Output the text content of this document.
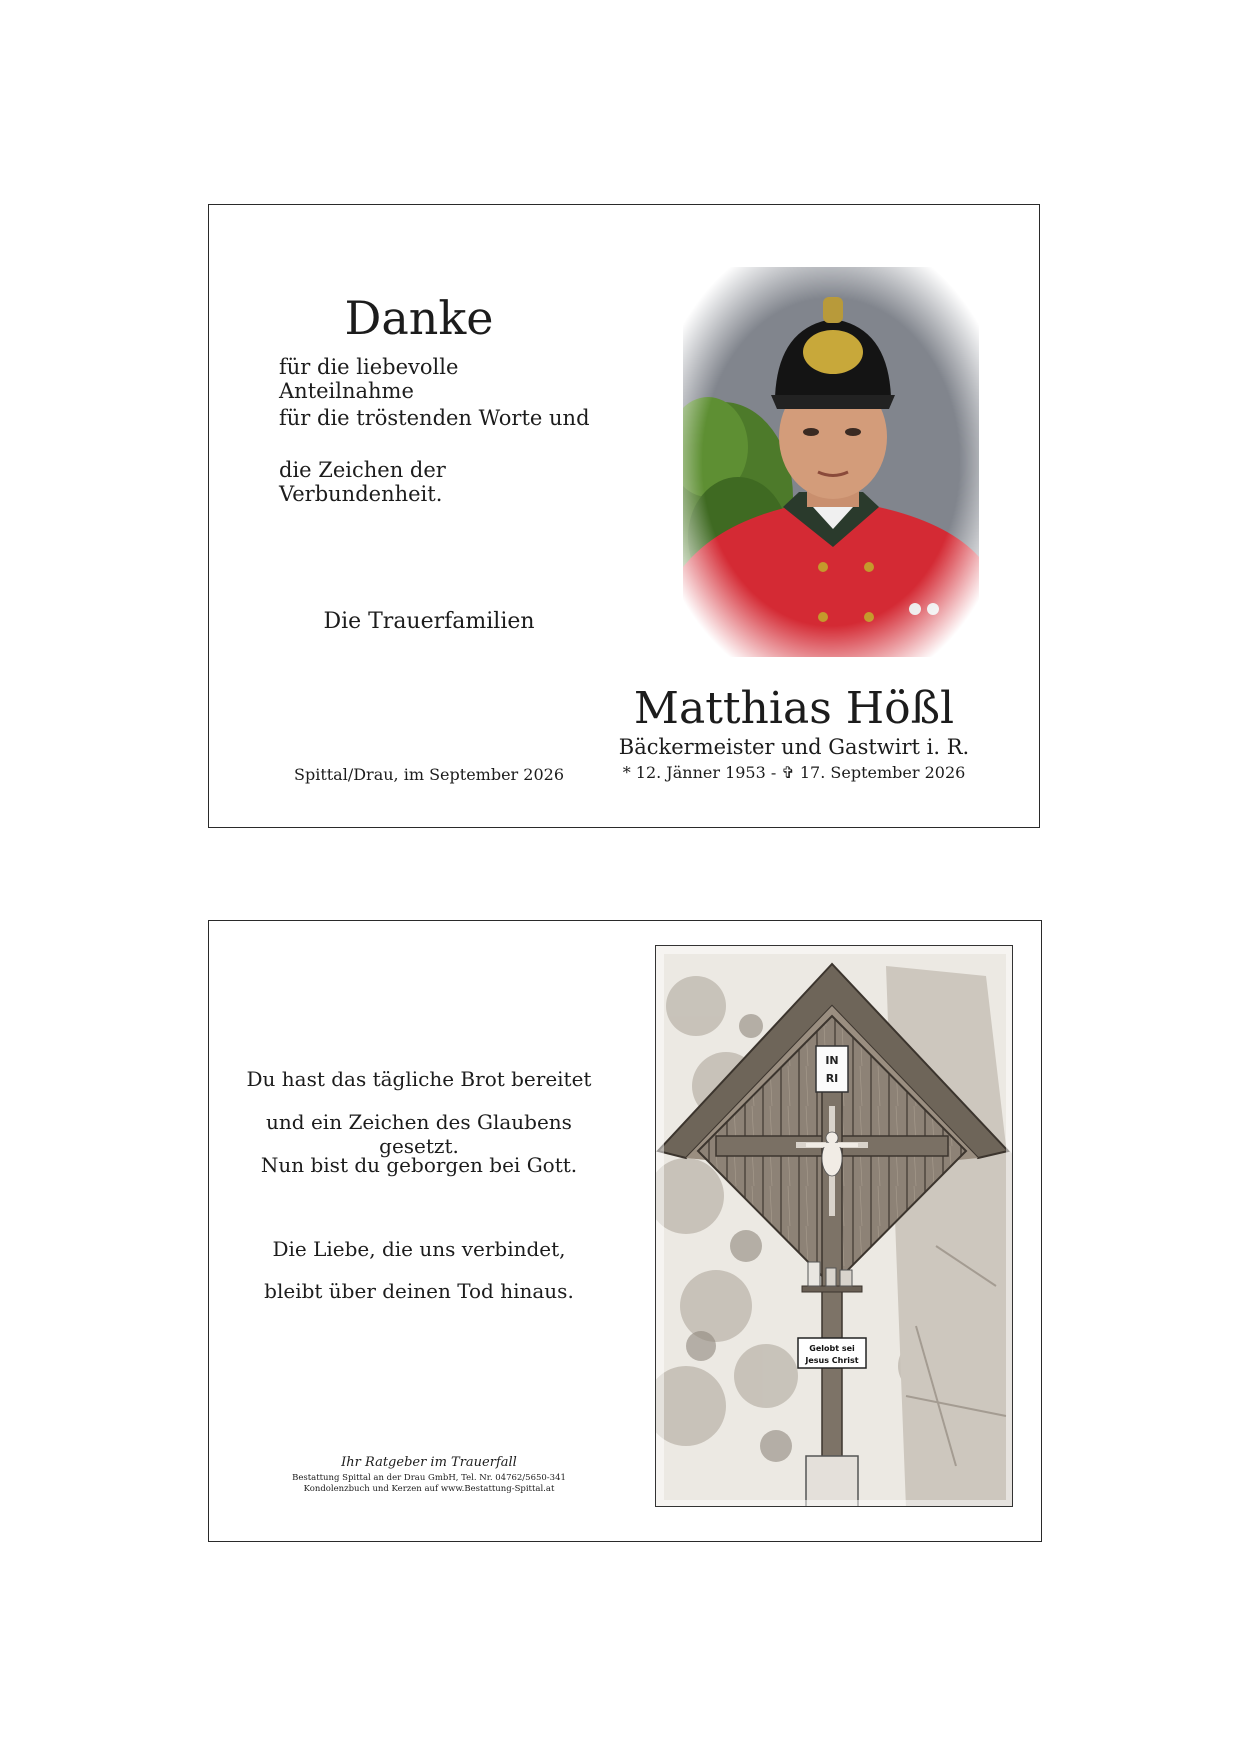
Danke
für die liebevolle Anteilnahme
für die tröstenden Worte und
die Zeichen der Verbundenheit.
Die Trauerfamilien
Spittal/Drau, im September 2026
Matthias Hößl
Bäckermeister und Gastwirt i. R.
* 12. Jänner 1953 - ✞ 17. September 2026
Du hast das tägliche Brot bereitet
und ein Zeichen des Glaubens gesetzt.
Nun bist du geborgen bei Gott.
Die Liebe, die uns verbindet,
bleibt über deinen Tod hinaus.
Ihr Ratgeber im Trauerfall
Bestattung Spittal an der Drau GmbH, Tel. Nr. 04762/5650-341
Kondolenzbuch und Kerzen auf www.Bestattung-Spittal.at
IN
RI
Gelobt sei
Jesus Christ
